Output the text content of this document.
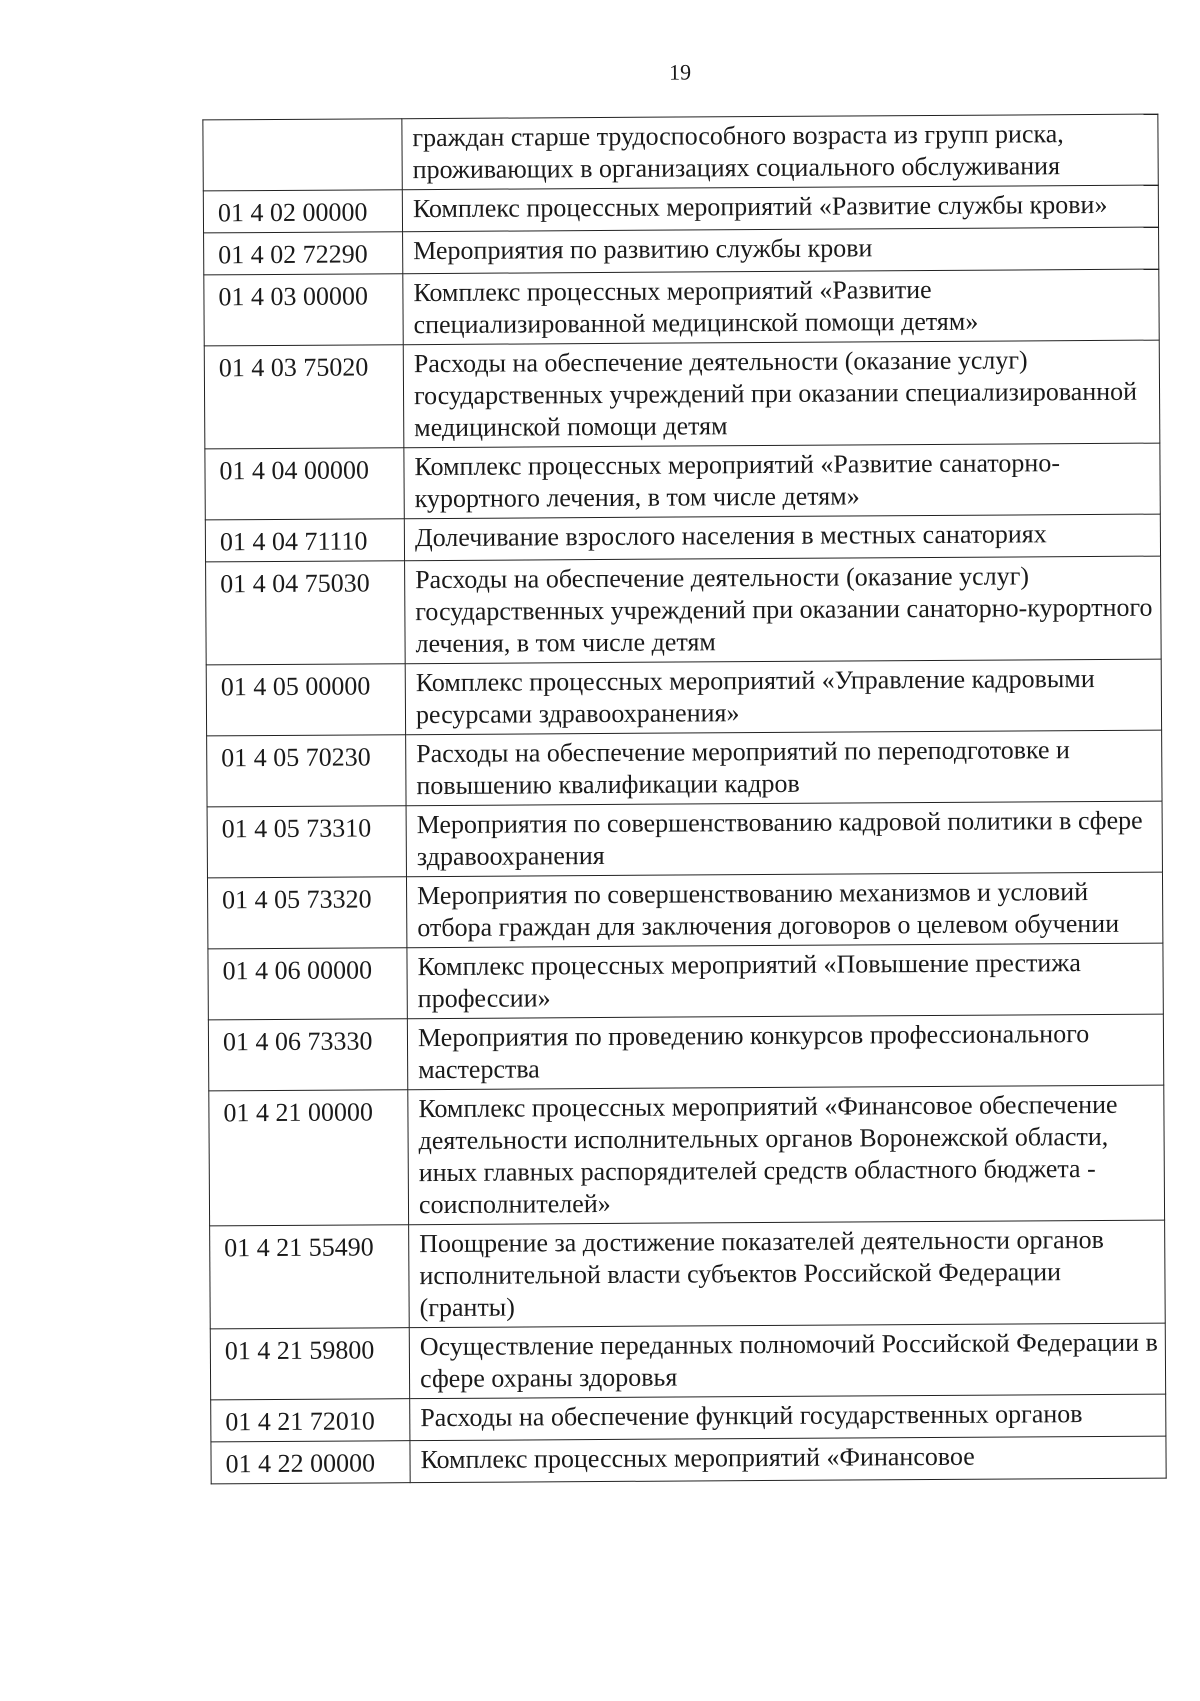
19
	граждан старше трудоспособного возраста из групп риска, проживающих в организациях социального обслуживания
01 4 02 00000	Комплекс процессных мероприятий «Развитие службы крови»
01 4 02 72290	Мероприятия по развитию службы крови
01 4 03 00000	Комплекс процессных мероприятий «Развитие специализированной медицинской помощи детям»
01 4 03 75020	Расходы на обеспечение деятельности (оказание услуг) государственных учреждений при оказании специализированной медицинской помощи детям
01 4 04 00000	Комплекс процессных мероприятий «Развитие санаторно-курортного лечения, в том числе детям»
01 4 04 71110	Долечивание взрослого населения в местных санаториях
01 4 04 75030	Расходы на обеспечение деятельности (оказание услуг) государственных учреждений при оказании санаторно-курортного лечения, в том числе детям
01 4 05 00000	Комплекс процессных мероприятий «Управление кадровыми ресурсами здравоохранения»
01 4 05 70230	Расходы на обеспечение мероприятий по переподготовке и повышению квалификации кадров
01 4 05 73310	Мероприятия по совершенствованию кадровой политики в сфере здравоохранения
01 4 05 73320	Мероприятия по совершенствованию механизмов и условий отбора граждан для заключения договоров о целевом обучении
01 4 06 00000	Комплекс процессных мероприятий «Повышение престижа профессии»
01 4 06 73330	Мероприятия по проведению конкурсов профессионального мастерства
01 4 21 00000	Комплекс процессных мероприятий «Финансовое обеспечение деятельности исполнительных органов Воронежской области, иных главных распорядителей средств областного бюджета - соисполнителей»
01 4 21 55490	Поощрение за достижение показателей деятельности органов исполнительной власти субъектов Российской Федерации (гранты)
01 4 21 59800	Осуществление переданных полномочий Российской Федерации в сфере охраны здоровья
01 4 21 72010	Расходы на обеспечение функций государственных органов
01 4 22 00000	Комплекс процессных мероприятий «Финансовое
